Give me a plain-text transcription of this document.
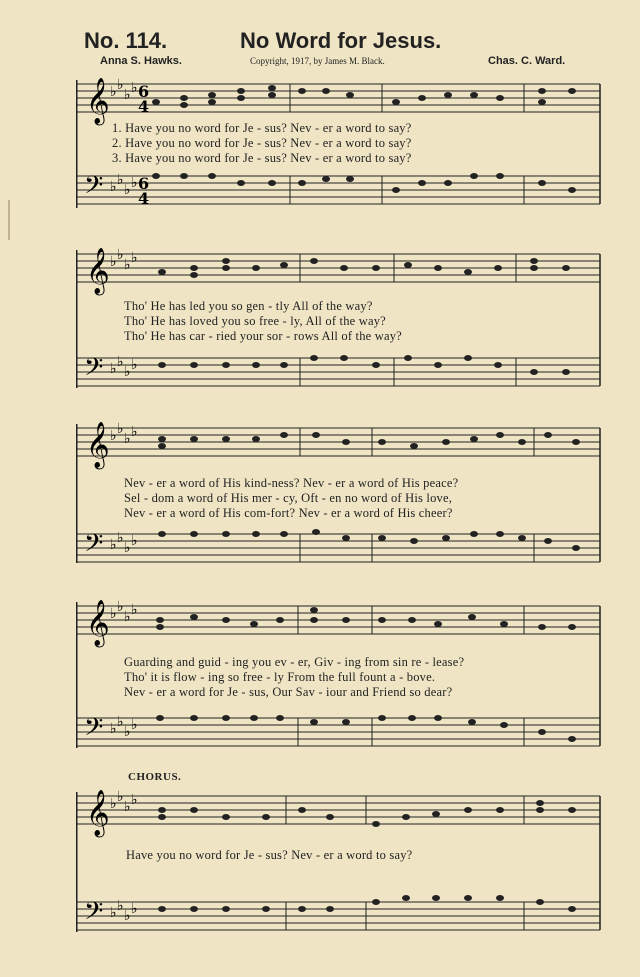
No. 114.	No Word for Jesus.
Anna S. Hawks.	Copyright, 1917, by James M. Black.	Chas. C. Ward.
𝄞
𝄢
♭ ♭
♭ ♭
♭ ♭
♭ ♭
6
4
6
4
1. Have you no word for Je - sus? Nev - er a word to say?
2. Have you no word for Je - sus? Nev - er a word to say?
3. Have you no word for Je - sus? Nev - er a word to say?
𝄞
𝄢
♭ ♭
♭ ♭
♭ ♭
♭ ♭
Tho' He has led you so gen - tly All of the way?
Tho' He has loved you so free - ly, All of the way?
Tho' He has car - ried your sor - rows All of the way?
𝄞
𝄢
♭ ♭
♭ ♭
♭ ♭
♭ ♭
Nev - er a word of His kind-ness? Nev - er a word of His peace?
Sel - dom a word of His mer - cy, Oft - en no word of His love,
Nev - er a word of His com-fort? Nev - er a word of His cheer?
𝄞
𝄢
♭ ♭
♭ ♭
♭ ♭
♭ ♭
Guarding and guid - ing you ev - er, Giv - ing from sin re - lease?
Tho' it is flow - ing so free - ly From the full fount a - bove.
Nev - er a word for Je - sus, Our Sav - iour and Friend so dear?
CHORUS.
𝄞
𝄢
♭ ♭
♭ ♭
♭ ♭
♭ ♭
Have you no word for Je - sus? Nev - er a word to say?
